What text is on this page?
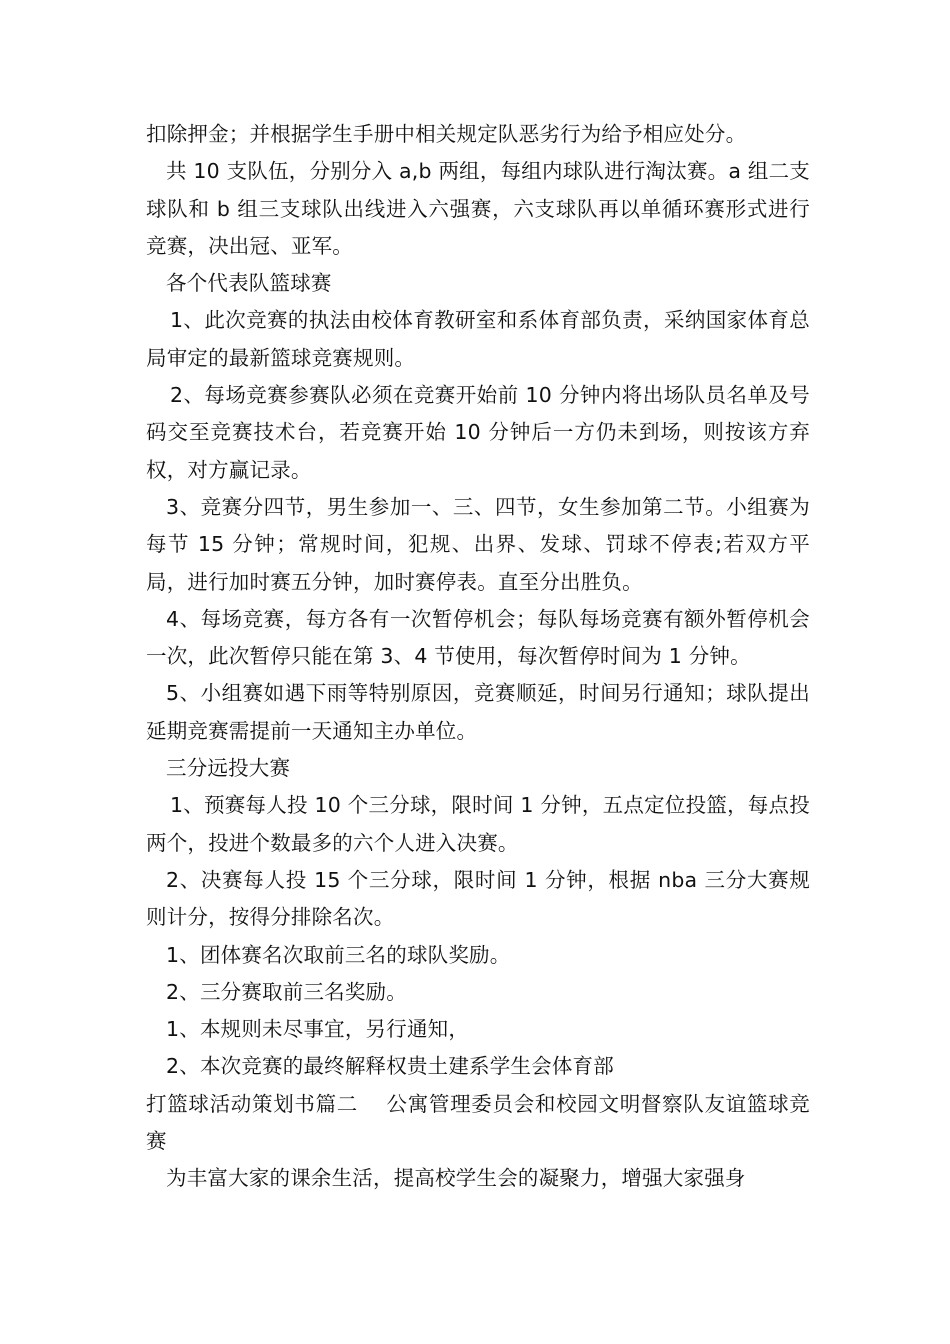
扣除押金；并根据学生手册中相关规定队恶劣行为给予相应处分。

共 10 支队伍，分别分入 a,b 两组，每组内球队进行淘汰赛。a 组二支球队和 b 组三支球队出线进入六强赛，六支球队再以单循环赛形式进行竞赛，决出冠、亚军。

各个代表队篮球赛

1、此次竞赛的执法由校体育教研室和系体育部负责，采纳国家体育总局审定的最新篮球竞赛规则。

2、每场竞赛参赛队必须在竞赛开始前 10 分钟内将出场队员名单及号码交至竞赛技术台，若竞赛开始 10 分钟后一方仍未到场，则按该方弃权，对方赢记录。

3、竞赛分四节，男生参加一、三、四节，女生参加第二节。小组赛为每节 15 分钟；常规时间，犯规、出界、发球、罚球不停表;若双方平局，进行加时赛五分钟，加时赛停表。直至分出胜负。

4、每场竞赛，每方各有一次暂停机会；每队每场竞赛有额外暂停机会一次，此次暂停只能在第 3、4 节使用，每次暂停时间为 1 分钟。

5、小组赛如遇下雨等特别原因，竞赛顺延，时间另行通知；球队提出延期竞赛需提前一天通知主办单位。

三分远投大赛

1、预赛每人投 10 个三分球，限时间 1 分钟，五点定位投篮，每点投两个，投进个数最多的六个人进入决赛。

2、决赛每人投 15 个三分球，限时间 1 分钟，根据 nba 三分大赛规则计分，按得分排除名次。

1、团体赛名次取前三名的球队奖励。

2、三分赛取前三名奖励。

1、本规则未尽事宜，另行通知，

2、本次竞赛的最终解释权贵土建系学生会体育部

打篮球活动策划书篇二 公寓管理委员会和校园文明督察队友谊篮球竞赛

为丰富大家的课余生活，提高校学生会的凝聚力，增强大家强身
